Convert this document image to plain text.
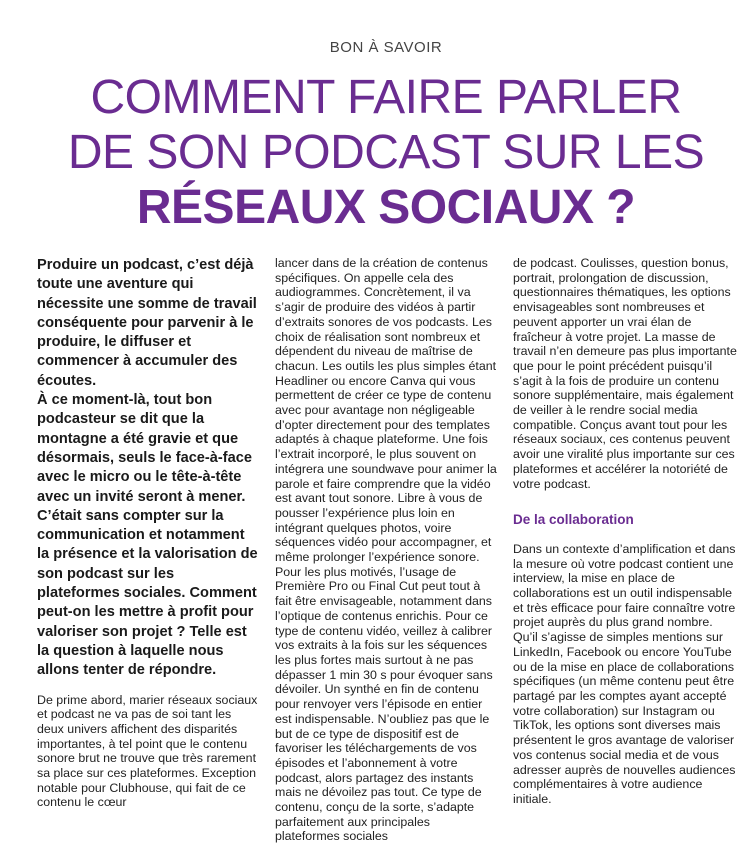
BON À SAVOIR
COMMENT FAIRE PARLER
DE SON PODCAST SUR LES
RÉSEAUX SOCIAUX ?
Produire un podcast, c’est déjà toute une aventure qui nécessite une somme de travail conséquente pour parvenir à le produire, le diffuser et commencer à accumuler des écoutes.
À ce moment-là, tout bon podcasteur se dit que la montagne a été gravie et que désormais, seuls le face-à-face avec le micro ou le tête-à-tête avec un invité seront à mener. C’était sans compter sur la communication et notamment la présence et la valorisation de son podcast sur les plateformes sociales. Comment peut-on les mettre à profit pour valoriser son projet ? Telle est la question à laquelle nous allons tenter de répondre.

De prime abord, marier réseaux sociaux et podcast ne va pas de soi tant les deux univers affichent des disparités importantes, à tel point que le contenu sonore brut ne trouve que très rarement sa place sur ces plateformes. Exception notable pour Clubhouse, qui fait de ce contenu le cœur

lancer dans de la création de contenus spécifiques. On appelle cela des audiogrammes. Concrètement, il va s’agir de produire des vidéos à partir d’extraits sonores de vos podcasts. Les choix de réalisation sont nombreux et dépendent du niveau de maîtrise de chacun. Les outils les plus simples étant Headliner ou encore Canva qui vous permettent de créer ce type de contenu avec pour avantage non négligeable d’opter directement pour des templates adaptés à chaque plateforme. Une fois l’extrait incorporé, le plus souvent on intégrera une soundwave pour animer la parole et faire comprendre que la vidéo est avant tout sonore. Libre à vous de pousser l’expérience plus loin en intégrant quelques photos, voire séquences vidéo pour accompagner, et même prolonger l’expérience sonore. Pour les plus motivés, l’usage de Première Pro ou Final Cut peut tout à fait être envisageable, notamment dans l’optique de contenus enrichis. Pour ce type de contenu vidéo, veillez à calibrer vos extraits à la fois sur les séquences les plus fortes mais surtout à ne pas dépasser 1 min 30 s pour évoquer sans dévoiler. Un synthé en fin de contenu pour renvoyer vers l’épisode en entier est indispensable. N’oubliez pas que le but de ce type de dispositif est de favoriser les téléchargements de vos épisodes et l’abonnement à votre podcast, alors partagez des instants mais ne dévoilez pas tout. Ce type de contenu, conçu de la sorte, s’adapte parfaitement aux principales plateformes sociales

de podcast. Coulisses, question bonus, portrait, prolongation de discussion, questionnaires thématiques, les options envisageables sont nombreuses et peuvent apporter un vrai élan de fraîcheur à votre projet. La masse de travail n’en demeure pas plus importante que pour le point précédent puisqu’il s’agit à la fois de produire un contenu sonore supplémentaire, mais également de veiller à le rendre social media compatible. Conçus avant tout pour les réseaux sociaux, ces contenus peuvent avoir une viralité plus importante sur ces plateformes et accélérer la notoriété de votre podcast.

De la collaboration

Dans un contexte d’amplification et dans la mesure où votre podcast contient une interview, la mise en place de collaborations est un outil indispensable et très efficace pour faire connaître votre projet auprès du plus grand nombre. Qu’il s’agisse de simples mentions sur LinkedIn, Facebook ou encore YouTube ou de la mise en place de collaborations spécifiques (un même contenu peut être partagé par les comptes ayant accepté votre collaboration) sur Instagram ou TikTok, les options sont diverses mais présentent le gros avantage de valoriser vos contenus social media et de vous adresser auprès de nouvelles audiences complémentaires à votre audience initiale.
